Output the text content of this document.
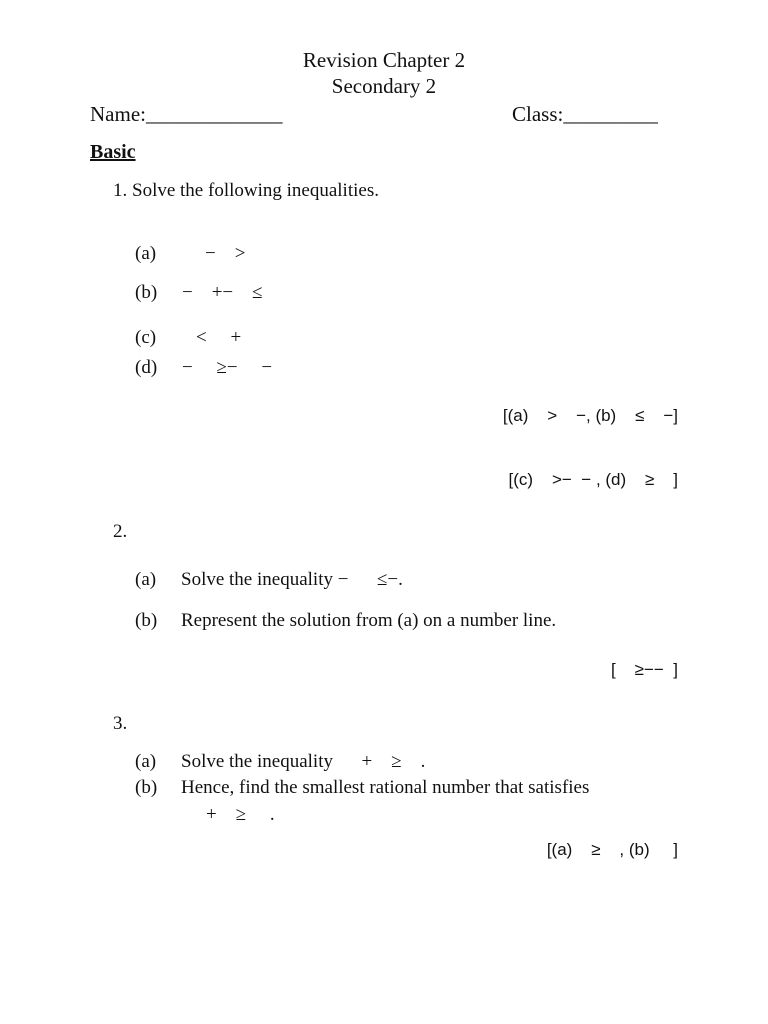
Revision Chapter 2
Secondary 2
Name:_____________	Class:_________
Basic
1. Solve the following inequalities.
(a)	−    >
(b) −    +−    ≤
(c) <     +
(d) −     ≥−     −
[(a)    >    −, (b)    ≤    −]
[(c)    >−  − , (d)    ≥    ]
2.
(a) Solve the inequality −      ≤−.
(b) Represent the solution from (a) on a number line.
[    ≥−−  ]
3.
(a) Solve the inequality      +    ≥    .
(b) Hence, find the smallest rational number that satisfies
+    ≥     .
[(a)    ≥    , (b)     ]
